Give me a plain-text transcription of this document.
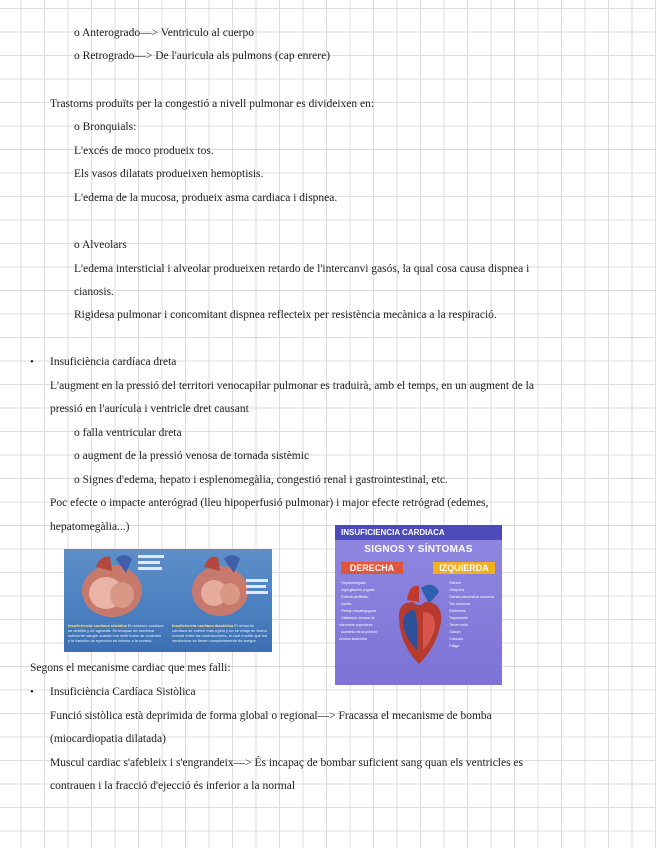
o Anterogrado—> Ventriculo al cuerpo
o Retrogrado—> De l'auricula als pulmons (cap enrere)
Trastorns produïts per la congestió a nivell pulmonar es divideixen en:
o Bronquials:
L'excés de moco produeix tos.
Els vasos dilatats produeixen hemoptisis.
L'edema de la mucosa, produeix asma cardiaca i dispnea.
o Alveolars
L'edema intersticial i alveolar produeixen retardo de l'intercanvi gasós, la qual cosa causa dispnea i
cianosis.
Rigidesa pulmonar i concomitant dispnea reflecteix per resistència mecànica a la respiració.
• Insuficiència cardíaca dreta
L'augment en la pressió del territori venocapilar pulmonar es traduirà, amb el temps, en un augment de la
pressió en l'aurícula i ventricle dret causant
o falla ventricular dreta
o augment de la pressió venosa de tornada sistèmic
o Signes d'edema, hepato i esplenomegàlia, congestió renal i gastrointestinal, etc.
Poc efecte o impacte anterógrad (lleu hipoperfusió pulmonar) i major efecte retrógrad (edemes,
hepatomegàlia...)
Insuficiencia cardiaca sistólica El músculo cardiaco se debilita y se agranda. Es incapaz de bombear suficiente sangre cuando los ventrículos se contraen y la fracción de eyección es inferior a la normal.
Insuficiencia cardiaca diastólica El músculo cardiaco se vuelve más rígido y no se relaja de forma normal entre las contracciones, lo cual impide que los ventrículos se llenen completamente de sangre.
INSUFICIENCIA CARDIACA
SIGNOS Y SÍNTOMAS
DERECHA	IZQUIERDA
• Hepatomegalia
• Ingurgitación yugular
• Edema periférico
• Ascitis
• Reflujo hepatoyugular
• Dilatación venosa de miembros superiores
• Aumento de la presión venosa sistémica
• Disnea
• Ortopnea
• Disnea paroxística nocturna
• Tos nocturna
• Estertores
• Taquicardia
• Tercer ruido
• Galope
• Cianosis
• Fatiga
Segons el mecanisme cardiac que mes falli:
• Insuficiència Cardíaca Sistòlica
Funció sistòlica està deprimida de forma global o regional—> Fracassa el mecanisme de bomba
(miocardiopatia dilatada)
Muscul cardiac s'afebleix i s'engrandeix—> És incapaç de bombar suficient sang quan els ventricles es
contrauen i la fracció d'ejecció és inferior a la normal
